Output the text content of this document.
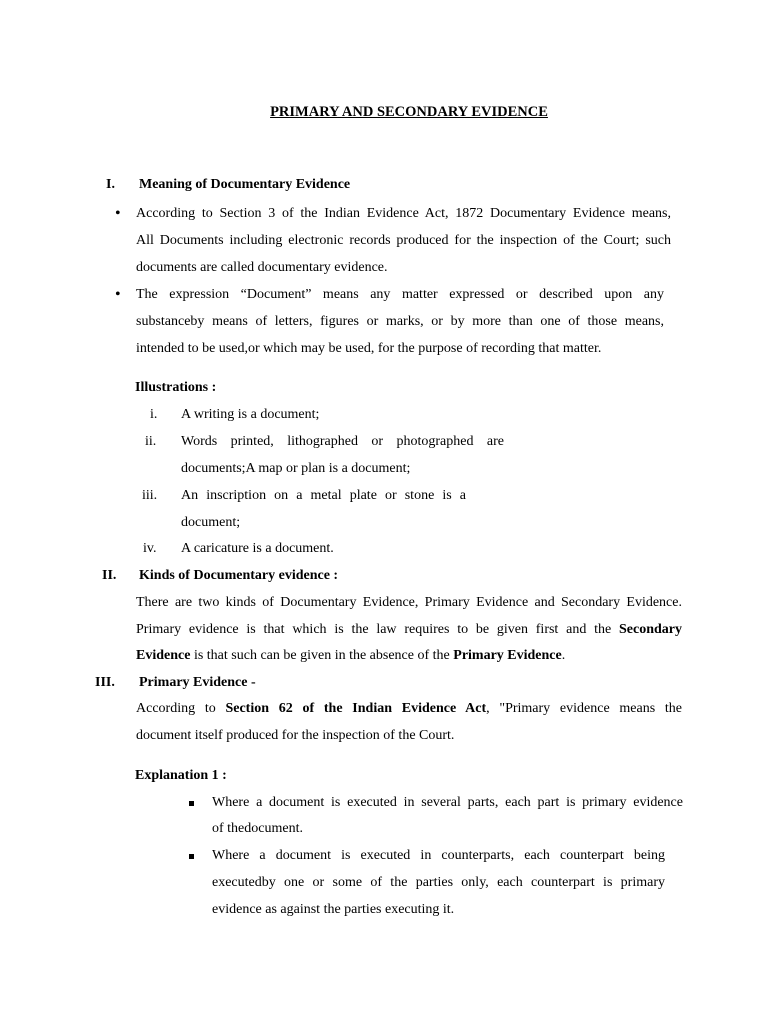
PRIMARY AND SECONDARY EVIDENCE
I. Meaning of Documentary Evidence
• According to Section 3 of the Indian Evidence Act, 1872 Documentary Evidence means,
All Documents including electronic records produced for the inspection of the Court; such
documents are called documentary evidence.
• The expression “Document” means any matter expressed or described upon any
substanceby means of letters, figures or marks, or by more than one of those means,
intended to be used,or which may be used, for the purpose of recording that matter.
Illustrations :
i. A writing is a document;
ii. Words printed, lithographed or photographed are
documents;A map or plan is a document;
iii. An inscription on a metal plate or stone is a
document;
iv. A caricature is a document.
II. Kinds of Documentary evidence :
There are two kinds of Documentary Evidence, Primary Evidence and Secondary Evidence.
Primary evidence is that which is the law requires to be given first and the Secondary
Evidence is that such can be given in the absence of the Primary Evidence.
III. Primary Evidence -
According to Section 62 of the Indian Evidence Act, "Primary evidence means the
document itself produced for the inspection of the Court.
Explanation 1 :
Where a document is executed in several parts, each part is primary evidence
of thedocument.
Where a document is executed in counterparts, each counterpart being
executedby one or some of the parties only, each counterpart is primary
evidence as against the parties executing it.
